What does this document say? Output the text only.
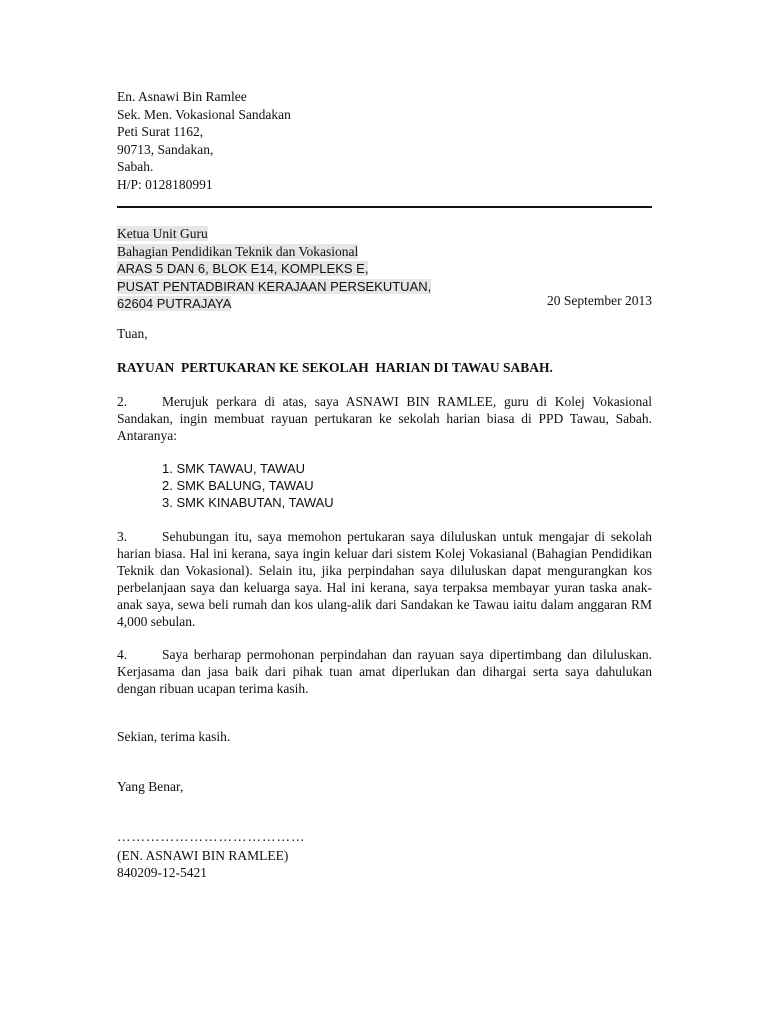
En. Asnawi Bin Ramlee
Sek. Men. Vokasional Sandakan
Peti Surat 1162,
90713, Sandakan,
Sabah.
H/P: 0128180991
Ketua Unit Guru
Bahagian Pendidikan Teknik dan Vokasional
ARAS 5 DAN 6, BLOK E14, KOMPLEKS E,
PUSAT PENTADBIRAN KERAJAAN PERSEKUTUAN,
62604 PUTRAJAYA	20 September 2013
Tuan,
RAYUAN  PERTUKARAN KE SEKOLAH  HARIAN DI TAWAU SABAH.
2.	Merujuk perkara di atas, saya ASNAWI BIN RAMLEE, guru di Kolej Vokasional Sandakan, ingin membuat rayuan pertukaran ke sekolah harian biasa di PPD Tawau, Sabah. Antaranya:
1. SMK TAWAU, TAWAU
2. SMK BALUNG, TAWAU
3. SMK KINABUTAN, TAWAU
3.	Sehubungan itu, saya memohon pertukaran saya diluluskan untuk mengajar di sekolah harian biasa. Hal ini kerana, saya ingin keluar dari sistem Kolej Vokasianal (Bahagian Pendidikan Teknik dan Vokasional). Selain itu, jika perpindahan saya diluluskan dapat mengurangkan kos perbelanjaan saya dan keluarga saya. Hal ini kerana, saya terpaksa membayar yuran taska anak-anak saya, sewa beli rumah dan kos ulang-alik dari Sandakan ke Tawau iaitu dalam anggaran RM 4,000 sebulan.
4.	Saya berharap permohonan perpindahan dan rayuan saya dipertimbang dan diluluskan. Kerjasama dan jasa baik dari pihak tuan amat diperlukan dan dihargai serta saya dahulukan dengan ribuan ucapan terima kasih.
Sekian, terima kasih.
Yang Benar,
…………………………………
(EN. ASNAWI BIN RAMLEE)
840209-12-5421
